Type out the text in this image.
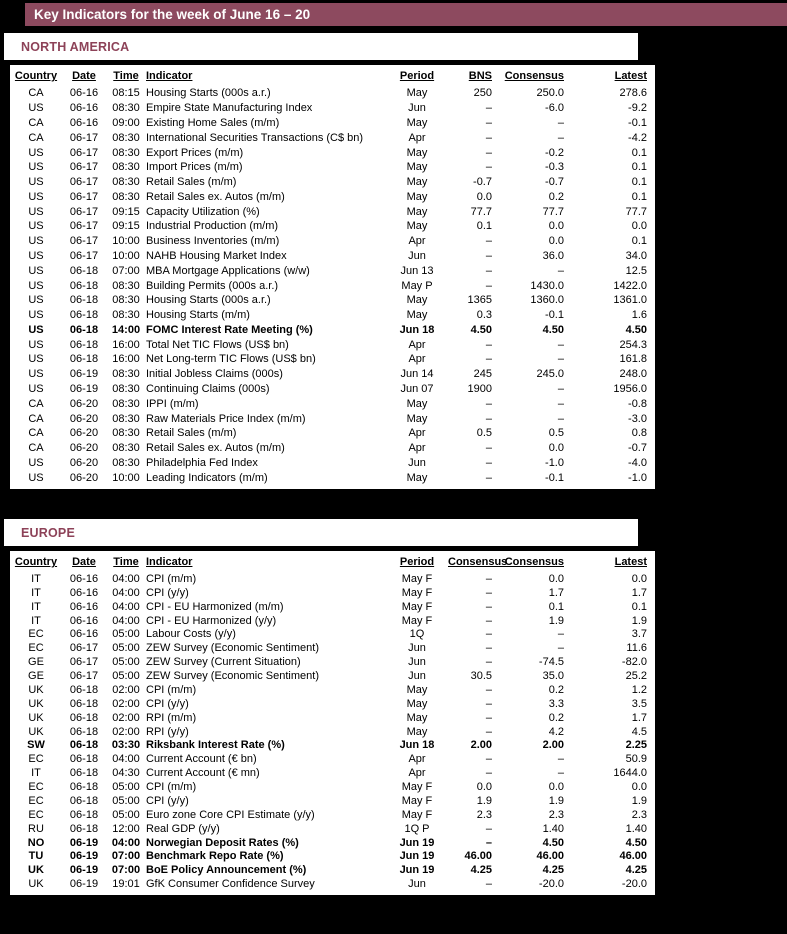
Key Indicators for the week of June 16 – 20
NORTH AMERICA
Country	Date	Time	Indicator	Period	BNS	Consensus	Latest
CA	06-16	08:15	Housing Starts (000s a.r.)	May	250	250.0	278.6
US	06-16	08:30	Empire State Manufacturing Index	Jun	–	-6.0	-9.2
CA	06-16	09:00	Existing Home Sales (m/m)	May	–	–	-0.1
CA	06-17	08:30	International Securities Transactions (C$ bn)	Apr	–	–	-4.2
US	06-17	08:30	Export Prices (m/m)	May	–	-0.2	0.1
US	06-17	08:30	Import Prices (m/m)	May	–	-0.3	0.1
US	06-17	08:30	Retail Sales (m/m)	May	-0.7	-0.7	0.1
US	06-17	08:30	Retail Sales ex. Autos (m/m)	May	0.0	0.2	0.1
US	06-17	09:15	Capacity Utilization (%)	May	77.7	77.7	77.7
US	06-17	09:15	Industrial Production (m/m)	May	0.1	0.0	0.0
US	06-17	10:00	Business Inventories (m/m)	Apr	–	0.0	0.1
US	06-17	10:00	NAHB Housing Market Index	Jun	–	36.0	34.0
US	06-18	07:00	MBA Mortgage Applications (w/w)	Jun 13	–	–	12.5
US	06-18	08:30	Building Permits (000s a.r.)	May P	–	1430.0	1422.0
US	06-18	08:30	Housing Starts (000s a.r.)	May	1365	1360.0	1361.0
US	06-18	08:30	Housing Starts (m/m)	May	0.3	-0.1	1.6
US	06-18	14:00	FOMC Interest Rate Meeting (%)	Jun 18	4.50	4.50	4.50
US	06-18	16:00	Total Net TIC Flows (US$ bn)	Apr	–	–	254.3
US	06-18	16:00	Net Long-term TIC Flows (US$ bn)	Apr	–	–	161.8
US	06-19	08:30	Initial Jobless Claims (000s)	Jun 14	245	245.0	248.0
US	06-19	08:30	Continuing Claims (000s)	Jun 07	1900	–	1956.0
CA	06-20	08:30	IPPI (m/m)	May	–	–	-0.8
CA	06-20	08:30	Raw Materials Price Index (m/m)	May	–	–	-3.0
CA	06-20	08:30	Retail Sales (m/m)	Apr	0.5	0.5	0.8
CA	06-20	08:30	Retail Sales ex. Autos (m/m)	Apr	–	0.0	-0.7
US	06-20	08:30	Philadelphia Fed Index	Jun	–	-1.0	-4.0
US	06-20	10:00	Leading Indicators (m/m)	May	–	-0.1	-1.0
EUROPE
Country	Date	Time	Indicator	Period	Consensus	Consensus	Latest
IT	06-16	04:00	CPI (m/m)	May F	–	0.0	0.0
IT	06-16	04:00	CPI (y/y)	May F	–	1.7	1.7
IT	06-16	04:00	CPI - EU Harmonized (m/m)	May F	–	0.1	0.1
IT	06-16	04:00	CPI - EU Harmonized (y/y)	May F	–	1.9	1.9
EC	06-16	05:00	Labour Costs (y/y)	1Q	–	–	3.7
EC	06-17	05:00	ZEW Survey (Economic Sentiment)	Jun	–	–	11.6
GE	06-17	05:00	ZEW Survey (Current Situation)	Jun	–	-74.5	-82.0
GE	06-17	05:00	ZEW Survey (Economic Sentiment)	Jun	30.5	35.0	25.2
UK	06-18	02:00	CPI (m/m)	May	–	0.2	1.2
UK	06-18	02:00	CPI (y/y)	May	–	3.3	3.5
UK	06-18	02:00	RPI (m/m)	May	–	0.2	1.7
UK	06-18	02:00	RPI (y/y)	May	–	4.2	4.5
SW	06-18	03:30	Riksbank Interest Rate (%)	Jun 18	2.00	2.00	2.25
EC	06-18	04:00	Current Account (€ bn)	Apr	–	–	50.9
IT	06-18	04:30	Current Account (€ mn)	Apr	–	–	1644.0
EC	06-18	05:00	CPI (m/m)	May F	0.0	0.0	0.0
EC	06-18	05:00	CPI (y/y)	May F	1.9	1.9	1.9
EC	06-18	05:00	Euro zone Core CPI Estimate (y/y)	May F	2.3	2.3	2.3
RU	06-18	12:00	Real GDP (y/y)	1Q P	–	1.40	1.40
NO	06-19	04:00	Norwegian Deposit Rates (%)	Jun 19	–	4.50	4.50
TU	06-19	07:00	Benchmark Repo Rate (%)	Jun 19	46.00	46.00	46.00
UK	06-19	07:00	BoE Policy Announcement (%)	Jun 19	4.25	4.25	4.25
UK	06-19	19:01	GfK Consumer Confidence Survey	Jun	–	-20.0	-20.0
